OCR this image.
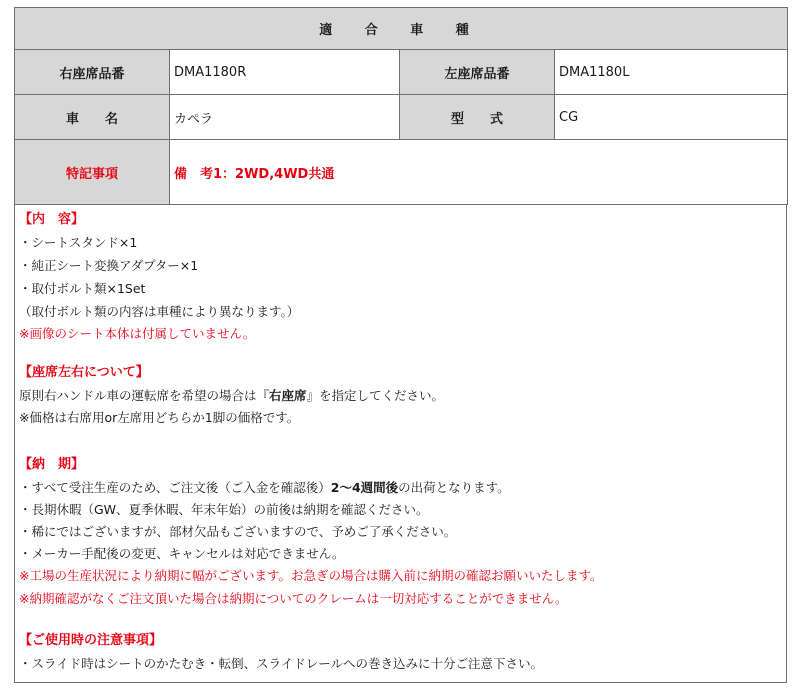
適 合 車 種			
右座席品番	DMA1180R	左座席品番	DMA1180L
車　　名	カペラ	型　　式	CG
特記事項	備　考1：2WD,4WD共通		
【内　容】
・シートスタンド×1
・純正シート変換アダプター×1
・取付ボルト類×1Set
（取付ボルト類の内容は車種により異なります。）
※画像のシート本体は付属していません。
【座席左右について】
原則右ハンドル車の運転席を希望の場合は『右座席』を指定してください。
※価格は右席用or左席用どちらか1脚の価格です。
【納　期】
・すべて受注生産のため、ご注文後（ご入金を確認後）2〜4週間後の出荷となります。
・長期休暇（GW、夏季休暇、年末年始）の前後は納期を確認ください。
・稀にではございますが、部材欠品もございますので、予めご了承ください。
・メーカー手配後の変更、キャンセルは対応できません。
※工場の生産状況により納期に幅がございます。お急ぎの場合は購入前に納期の確認お願いいたします。
※納期確認がなくご注文頂いた場合は納期についてのクレームは一切対応することができません。
【ご使用時の注意事項】
・スライド時はシートのかたむき・転倒、スライドレールへの巻き込みに十分ご注意下さい。
